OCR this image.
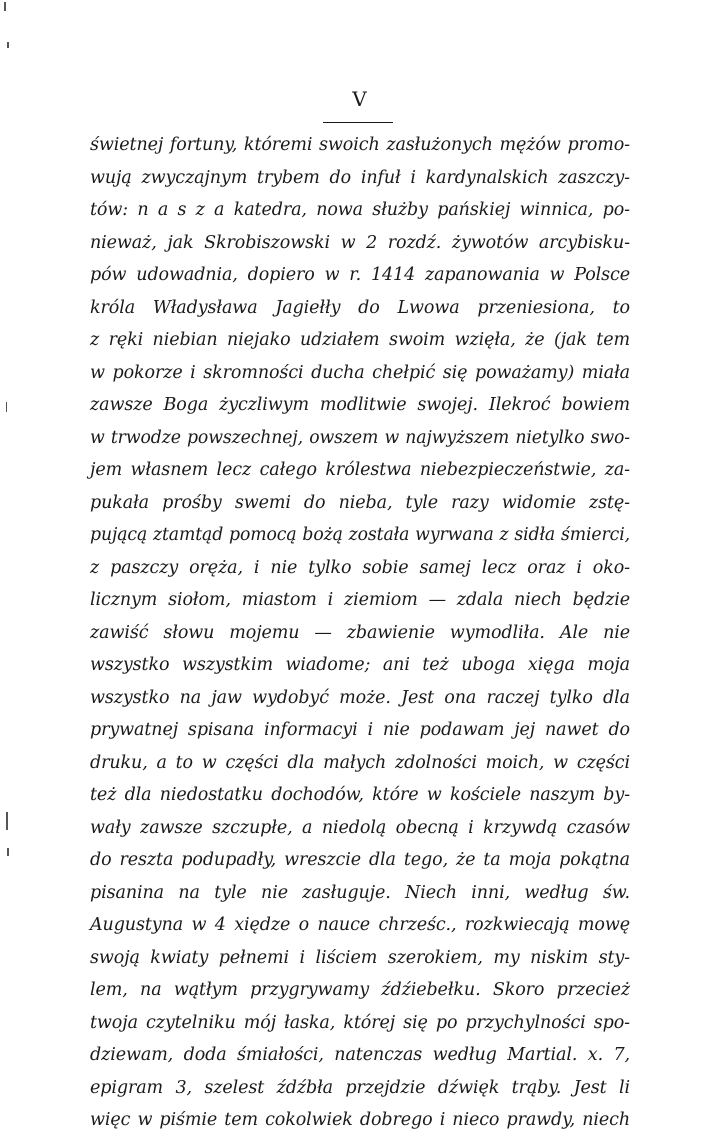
V
świetnej fortuny, któremi swoich zasłużonych mężów promo-
wują zwyczajnym trybem do infuł i kardynalskich zaszczy-
tów: n a s z a katedra, nowa służby pańskiej winnica, po-
nieważ, jak Skrobiszowski w 2 rozdź. żywotów arcybisku-
pów udowadnia, dopiero w r. 1414 zapanowania w Polsce
króla Władysława Jagiełły do Lwowa przeniesiona, to
z ręki niebian niejako udziałem swoim wzięła, że (jak tem
w pokorze i skromności ducha chełpić się poważamy) miała
zawsze Boga życzliwym modlitwie swojej. Ilekroć bowiem
w trwodze powszechnej, owszem w najwyższem nietylko swo-
jem własnem lecz całego królestwa niebezpieczeństwie, za-
pukała prośby swemi do nieba, tyle razy widomie zstę-
pującą ztamtąd pomocą bożą została wyrwana z sidła śmierci,
z paszczy oręża, i nie tylko sobie samej lecz oraz i oko-
licznym siołom, miastom i ziemiom — zdala niech będzie
zawiść słowu mojemu — zbawienie wymodliła. Ale nie
wszystko wszystkim wiadome; ani też uboga xięga moja
wszystko na jaw wydobyć może. Jest ona raczej tylko dla
prywatnej spisana informacyi i nie podawam jej nawet do
druku, a to w części dla małych zdolności moich, w części
też dla niedostatku dochodów, które w kościele naszym by-
wały zawsze szczupłe, a niedolą obecną i krzywdą czasów
do reszta podupadły, wreszcie dla tego, że ta moja pokątna
pisanina na tyle nie zasługuje. Niech inni, według św.
Augustyna w 4 xiędze o nauce chrześc., rozkwiecają mowę
swoją kwiaty pełnemi i liściem szerokiem, my niskim sty-
lem, na wątłym przygrywamy źdźiebełku. Skoro przecież
twoja czytelniku mój łaska, której się po przychylności spo-
dziewam, doda śmiałości, natenczas według Martial. x. 7,
epigram 3, szelest źdźbła przejdzie dźwięk trąby. Jest li
więc w piśmie tem cokolwiek dobrego i nieco prawdy, niech
